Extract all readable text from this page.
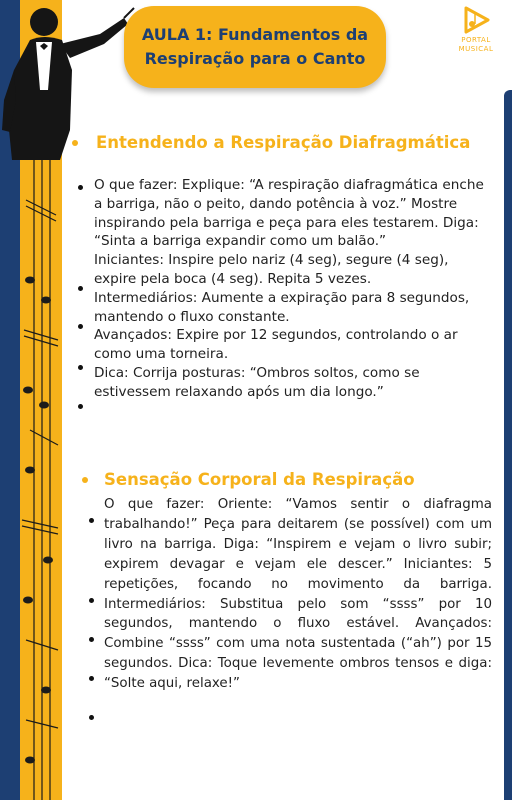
AULA 1: Fundamentos da
Respiração para o Canto
PORTAL
MUSICAL
Entendendo a Respiração Diafragmática

O que fazer: Explique: “A respiração diafragmática enche a barriga, não o peito, dando potência à voz.” Mostre inspirando pela barriga e peça para eles testarem. Diga: “Sinta a barriga expandir como um balão.”

Iniciantes: Inspire pelo nariz (4 seg), segure (4 seg), expire pela boca (4 seg). Repita 5 vezes.

Intermediários: Aumente a expiração para 8 segundos, mantendo o fluxo constante.

Avançados: Expire por 12 segundos, controlando o ar como uma torneira.

Dica: Corrija posturas: “Ombros soltos, como se estivessem relaxando após um dia longo.”

Sensação Corporal da Respiração
O que fazer: Oriente: “Vamos sentir o diafragma trabalhando!” Peça para deitarem (se possível) com um livro na barriga. Diga: “Inspirem e vejam o livro subir; expirem devagar e vejam ele descer.” Iniciantes: 5 repetições, focando no movimento da barriga. Intermediários: Substitua pelo som “ssss” por 10 segundos, mantendo o fluxo estável. Avançados: Combine “ssss” com uma nota sustentada (“ah”) por 15 segundos. Dica: Toque levemente ombros tensos e diga: “Solte aqui, relaxe!”
